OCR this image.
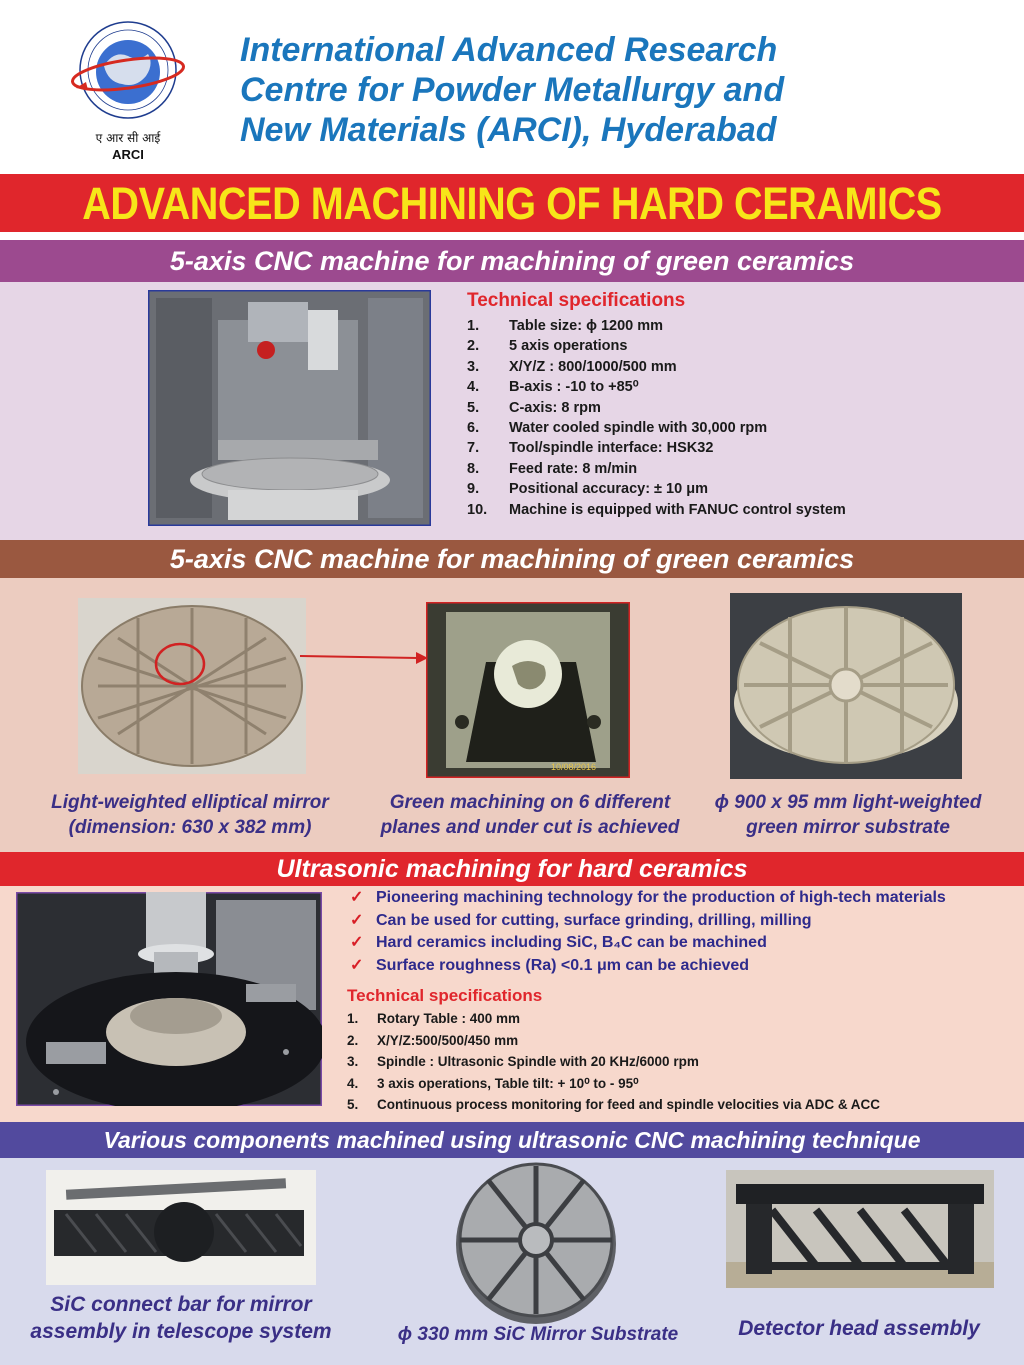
ए आर सी आई
ARCI
International Advanced Research
Centre for Powder Metallurgy and
New Materials (ARCI), Hyderabad
ADVANCED MACHINING OF HARD CERAMICS
5-axis CNC machine for machining of green ceramics
Technical specifications
1.	Table size: ϕ 1200 mm
2.	5 axis operations
3.	X/Y/Z : 800/1000/500 mm
4.	B-axis : -10 to +85⁰
5.	C-axis: 8 rpm
6.	Water cooled spindle with 30,000 rpm
7.	Tool/spindle interface: HSK32
8.	Feed rate: 8 m/min
9.	Positional accuracy: ± 10 μm
10.	Machine is equipped with FANUC control system
5-axis CNC machine for machining of green ceramics
10/08/2016
Light-weighted elliptical mirror
(dimension: 630 x 382 mm)
Green machining on 6 different
planes and under cut is achieved
ϕ 900 x 95 mm light-weighted
green mirror substrate
Ultrasonic machining for hard ceramics
✓ Pioneering machining technology for the production of high-tech materials
✓ Can be used for cutting, surface grinding, drilling, milling
✓ Hard ceramics including SiC, B₄C can be machined
✓ Surface roughness (Ra) <0.1 μm can be achieved
Technical specifications
1.	Rotary Table : 400 mm
2.	X/Y/Z:500/500/450 mm
3.	Spindle : Ultrasonic Spindle with 20 KHz/6000 rpm
4.	3 axis operations, Table tilt: + 10⁰ to - 95⁰
5.	Continuous process monitoring for feed and spindle velocities via ADC & ACC
Various components machined using ultrasonic CNC machining technique
SiC connect bar for mirror
assembly in telescope system	ϕ 330 mm SiC Mirror Substrate	Detector head assembly
